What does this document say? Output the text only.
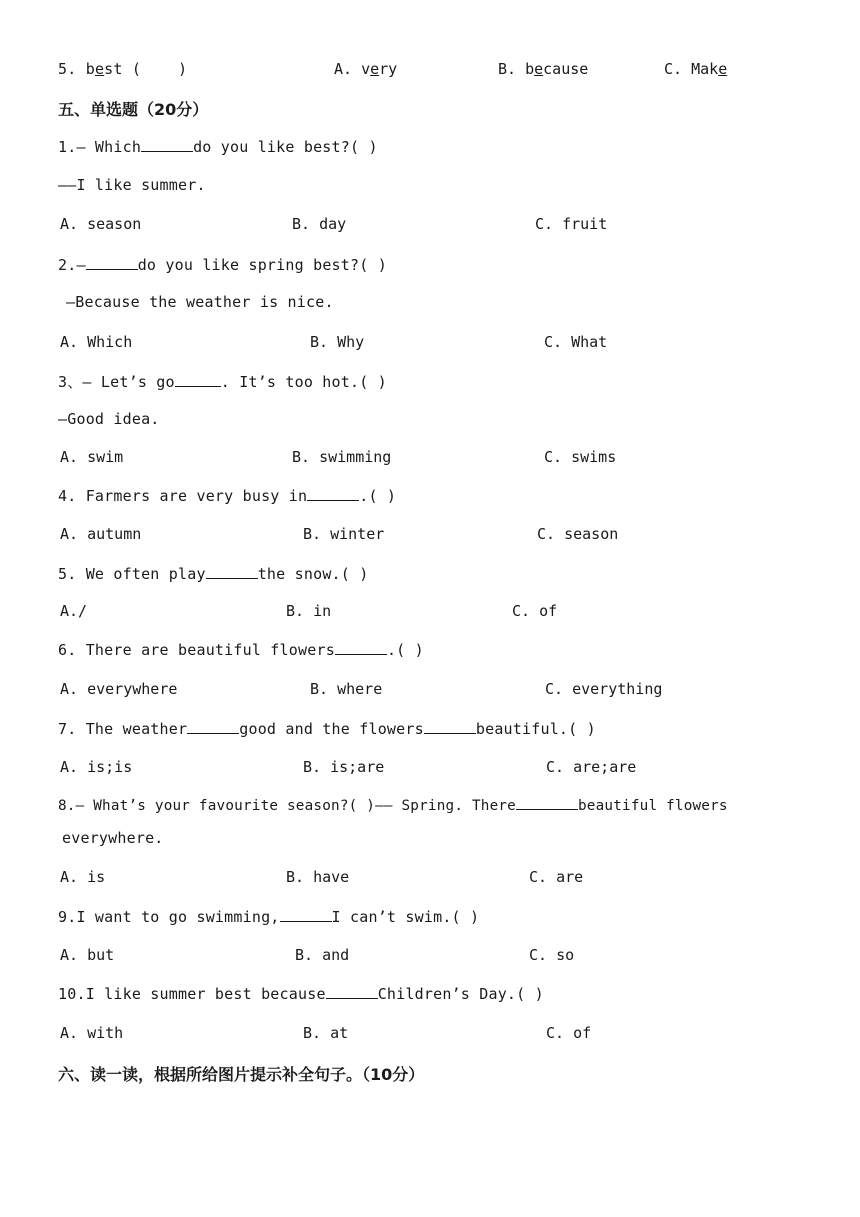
5. best ( )	A. very	B. because	C. Make
五、单选题（20分）
1.— Which	do you like best?( )
——I like summer.
A. season	B. day	C. fruit
2.—	do you like spring best?( )
—Because the weather is nice.
A. Which	B. Why	C. What
3、— Let’s go	. It’s too hot.( )
—Good idea.
A. swim	B. swimming	C. swims
4. Farmers are very busy in	.( )
A. autumn	B. winter	C. season
5. We often play	the snow.( )
A./	B. in	C. of
6. There are beautiful flowers	.( )
A. everywhere	B. where	C. everything
7. The weather	good and the flowers	beautiful.( )
A. is;is	B. is;are	C. are;are
8.— What’s your favourite season?( )—— Spring. There	beautiful flowers
everywhere.
A. is	B. have	C. are
9.I want to go swimming,	I can’t swim.( )
A. but	B. and	C. so
10.I like summer best because	Children’s Day.( )
A. with	B. at	C. of
六、读一读，根据所给图片提示补全句子。（10分）
